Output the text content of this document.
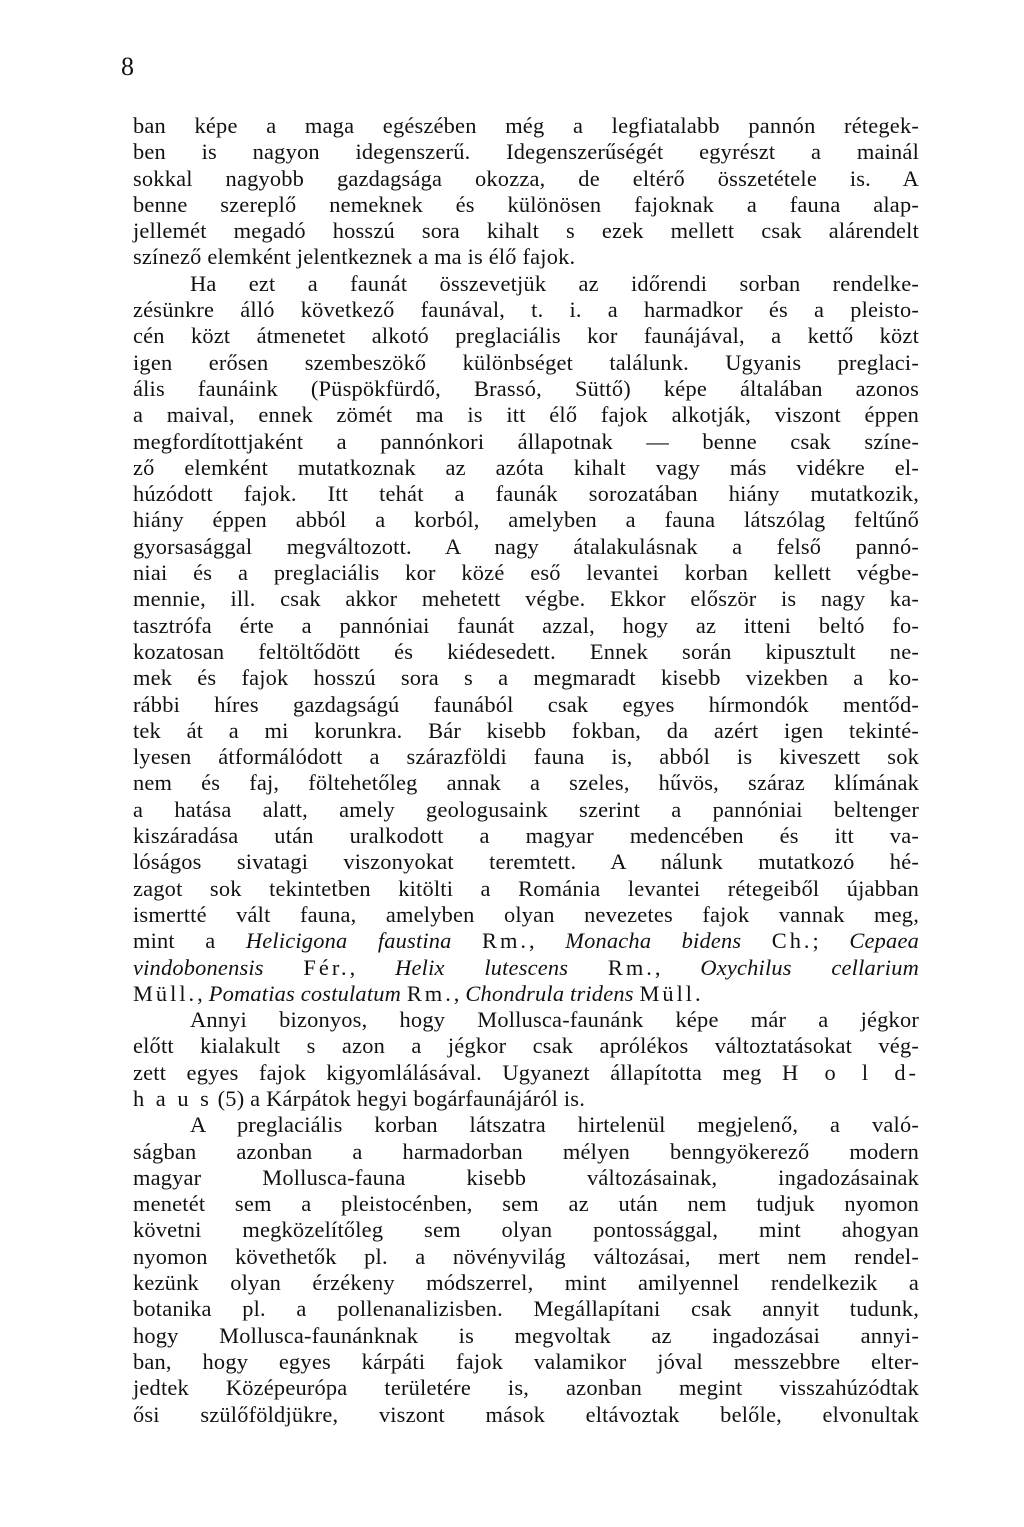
8

ban képe a maga egészében még a legfiatalabb pannón rétegek-
ben is nagyon idegenszerű. Idegenszerűségét egyrészt a mainál
sokkal nagyobb gazdagsága okozza, de eltérő összetétele is. A
benne szereplő nemeknek és különösen fajoknak a fauna alap-
jellemét megadó hosszú sora kihalt s ezek mellett csak alárendelt
színező elemként jelentkeznek a ma is élő fajok.

Ha ezt a faunát összevetjük az időrendi sorban rendelke-
zésünkre álló következő faunával, t. i. a harmadkor és a pleisto-
cén közt átmenetet alkotó preglaciális kor faunájával, a kettő közt
igen erősen szembeszökő különbséget találunk. Ugyanis preglaci-
ális faunáink (Püspökfürdő, Brassó, Süttő) képe általában azonos
a maival, ennek zömét ma is itt élő fajok alkotják, viszont éppen
megfordítottjaként a pannónkori állapotnak — benne csak színe-
ző elemként mutatkoznak az azóta kihalt vagy más vidékre el-
húzódott fajok. Itt tehát a faunák sorozatában hiány mutatkozik,
hiány éppen abból a korból, amelyben a fauna látszólag feltűnő
gyorsasággal megváltozott. A nagy átalakulásnak a felső pannó-
niai és a preglaciális kor közé eső levantei korban kellett végbe-
mennie, ill. csak akkor mehetett végbe. Ekkor először is nagy ka-
tasztrófa érte a pannóniai faunát azzal, hogy az itteni beltó fo-
kozatosan feltöltődött és kiédesedett. Ennek során kipusztult ne-
mek és fajok hosszú sora s a megmaradt kisebb vizekben a ko-
rábbi híres gazdagságú faunából csak egyes hírmondók mentőd-
tek át a mi korunkra. Bár kisebb fokban, da azért igen tekinté-
lyesen átformálódott a szárazföldi fauna is, abból is kiveszett sok
nem és faj, föltehetőleg annak a szeles, hűvös, száraz klímának
a hatása alatt, amely geologusaink szerint a pannóniai beltenger
kiszáradása után uralkodott a magyar medencében és itt va-
lóságos sivatagi viszonyokat teremtett. A nálunk mutatkozó hé-
zagot sok tekintetben kitölti a Románia levantei rétegeiből újabban
ismertté vált fauna, amelyben olyan nevezetes fajok vannak meg,
mint a Helicigona faustina Rm., Monacha bidens Ch.; Cepaea
vindobonensis Fér., Helix lutescens Rm., Oxychilus cellarium
Müll., Pomatias costulatum Rm., Chondrula tridens Müll.

Annyi bizonyos, hogy Mollusca-faunánk képe már a jégkor
előtt kialakult s azon a jégkor csak aprólékos változtatásokat vég-
zett egyes fajok kigyomlálásával. Ugyanezt állapította meg H o l d-
h a u s (5) a Kárpátok hegyi bogárfaunájáról is.

A preglaciális korban látszatra hirtelenül megjelenő, a való-
ságban azonban a harmadorban mélyen benngyökerező modern
magyar Mollusca-fauna kisebb változásainak, ingadozásainak
menetét sem a pleistocénben, sem az után nem tudjuk nyomon
követni megközelítőleg sem olyan pontossággal, mint ahogyan
nyomon követhetők pl. a növényvilág változásai, mert nem rendel-
kezünk olyan érzékeny módszerrel, mint amilyennel rendelkezik a
botanika pl. a pollenanalizisben. Megállapítani csak annyit tudunk,
hogy Mollusca-faunánknak is megvoltak az ingadozásai annyi-
ban, hogy egyes kárpáti fajok valamikor jóval messzebbre elter-
jedtek Középeurópa területére is, azonban megint visszahúzódtak
ősi szülőföldjükre, viszont mások eltávoztak belőle, elvonultak
